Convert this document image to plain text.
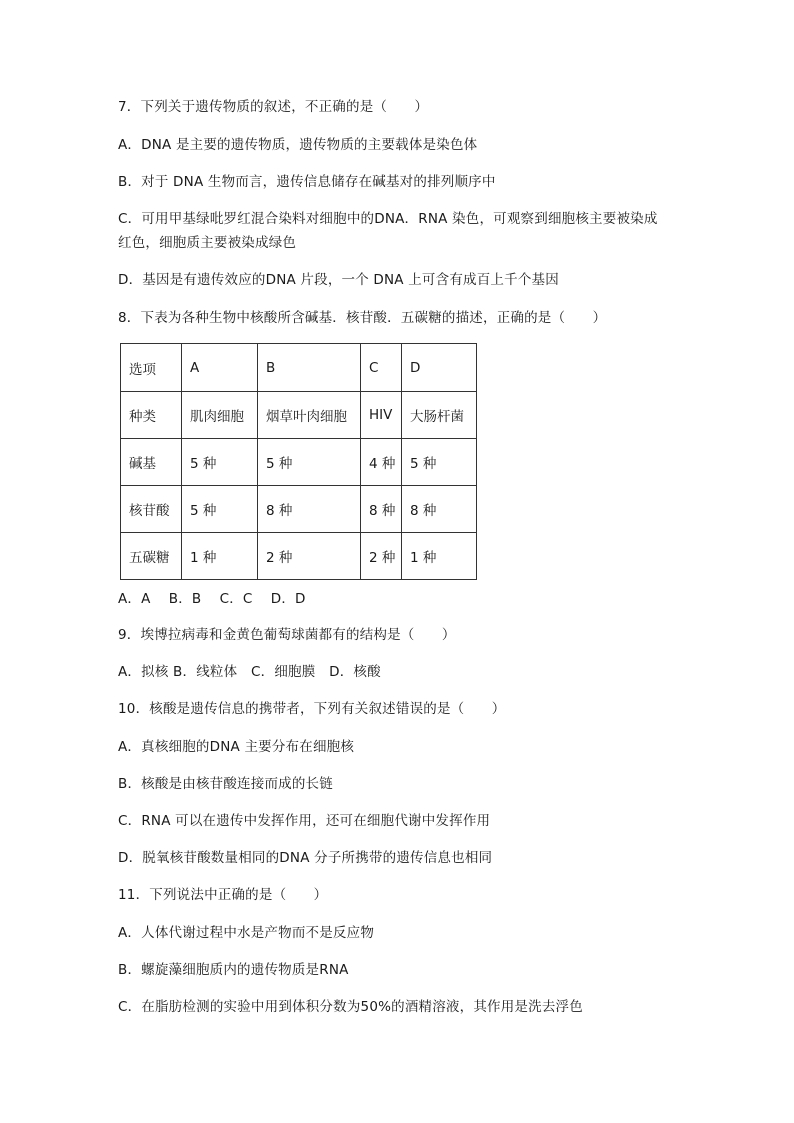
7．下列关于遗传物质的叙述，不正确的是（　　）
A．DNA 是主要的遗传物质，遗传物质的主要载体是染色体
B．对于 DNA 生物而言，遗传信息储存在碱基对的排列顺序中
C．可用甲基绿吡罗红混合染料对细胞中的DNA．RNA 染色，可观察到细胞核主要被染成
红色，细胞质主要被染成绿色
D．基因是有遗传效应的DNA 片段，一个 DNA 上可含有成百上千个基因
8．下表为各种生物中核酸所含碱基．核苷酸．五碳糖的描述，正确的是（　　）
选项	A	B	C	D
种类	肌肉细胞	烟草叶肉细胞	HIV	大肠杆菌
碱基	5 种	5 种	4 种	5 种
核苷酸	5 种	8 种	8 种	8 种
五碳糖	1 种	2 种	2 种	1 种
A．A　 B．B　 C．C　 D．D
9．埃博拉病毒和金黄色葡萄球菌都有的结构是（　　）
A．拟核 B．线粒体　C．细胞膜　D．核酸
10．核酸是遗传信息的携带者，下列有关叙述错误的是（　　）
A．真核细胞的DNA 主要分布在细胞核
B．核酸是由核苷酸连接而成的长链
C．RNA 可以在遗传中发挥作用，还可在细胞代谢中发挥作用
D．脱氧核苷酸数量相同的DNA 分子所携带的遗传信息也相同
11．下列说法中正确的是（　　）
A．人体代谢过程中水是产物而不是反应物
B．螺旋藻细胞质内的遗传物质是RNA
C．在脂肪检测的实验中用到体积分数为50%的酒精溶液，其作用是洗去浮色
